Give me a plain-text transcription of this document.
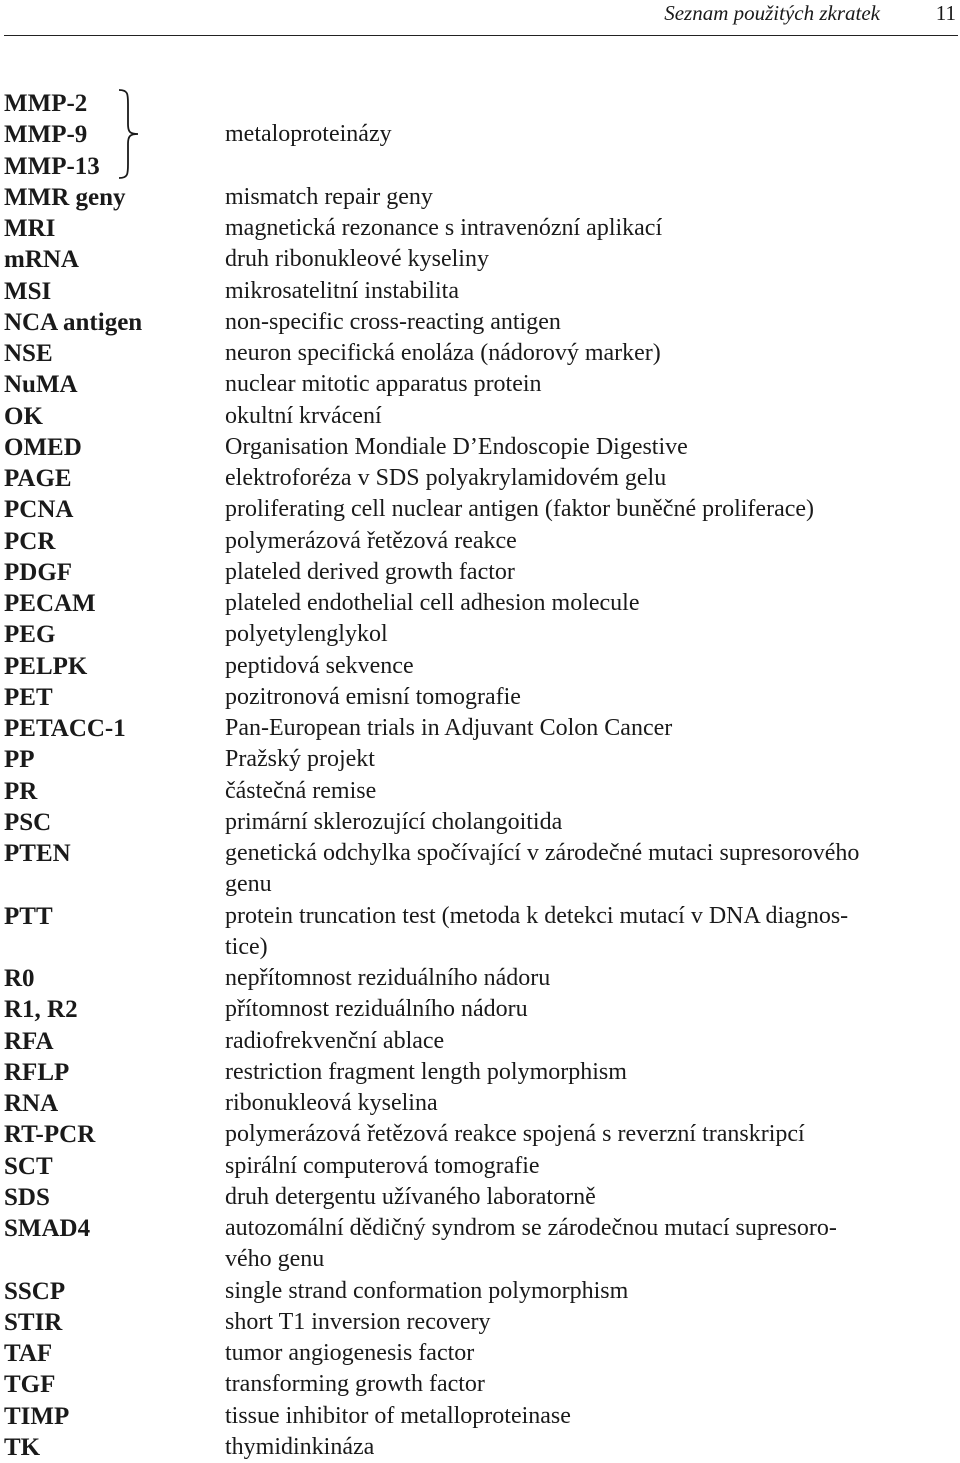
Seznam použitých zkratek	11
MMP-2
MMP-9
MMP-13
metaloproteinázy
MMR geny	mismatch repair geny
MRI	magnetická rezonance s intravenózní aplikací
mRNA	druh ribonukleové kyseliny
MSI	mikrosatelitní instabilita
NCA antigen	non-specific cross-reacting antigen
NSE	neuron specifická enoláza (nádorový marker)
NuMA	nuclear mitotic apparatus protein
OK	okultní krvácení
OMED	Organisation Mondiale D’Endoscopie Digestive
PAGE	elektroforéza v SDS polyakrylamidovém gelu
PCNA	proliferating cell nuclear antigen (faktor buněčné proliferace)
PCR	polymerázová řetězová reakce
PDGF	plateled derived growth factor
PECAM	plateled endothelial cell adhesion molecule
PEG	polyetylenglykol
PELPK	peptidová sekvence
PET	pozitronová emisní tomografie
PETACC-1	Pan-European trials in Adjuvant Colon Cancer
PP	Pražský projekt
PR	částečná remise
PSC	primární sklerozující cholangoitida
PTEN	genetická odchylka spočívající v zárodečné mutaci supresorového
genu
PTT	protein truncation test (metoda k detekci mutací v DNA diagnos-
tice)
R0	nepřítomnost reziduálního nádoru
R1, R2	přítomnost reziduálního nádoru
RFA	radiofrekvenční ablace
RFLP	restriction fragment length polymorphism
RNA	ribonukleová kyselina
RT-PCR	polymerázová řetězová reakce spojená s reverzní transkripcí
SCT	spirální computerová tomografie
SDS	druh detergentu užívaného laboratorně
SMAD4	autozomální dědičný syndrom se zárodečnou mutací supresoro-
vého genu
SSCP	single strand conformation polymorphism
STIR	short T1 inversion recovery
TAF	tumor angiogenesis factor
TGF	transforming growth factor
TIMP	tissue inhibitor of metalloproteinase
TK	thymidinkináza
